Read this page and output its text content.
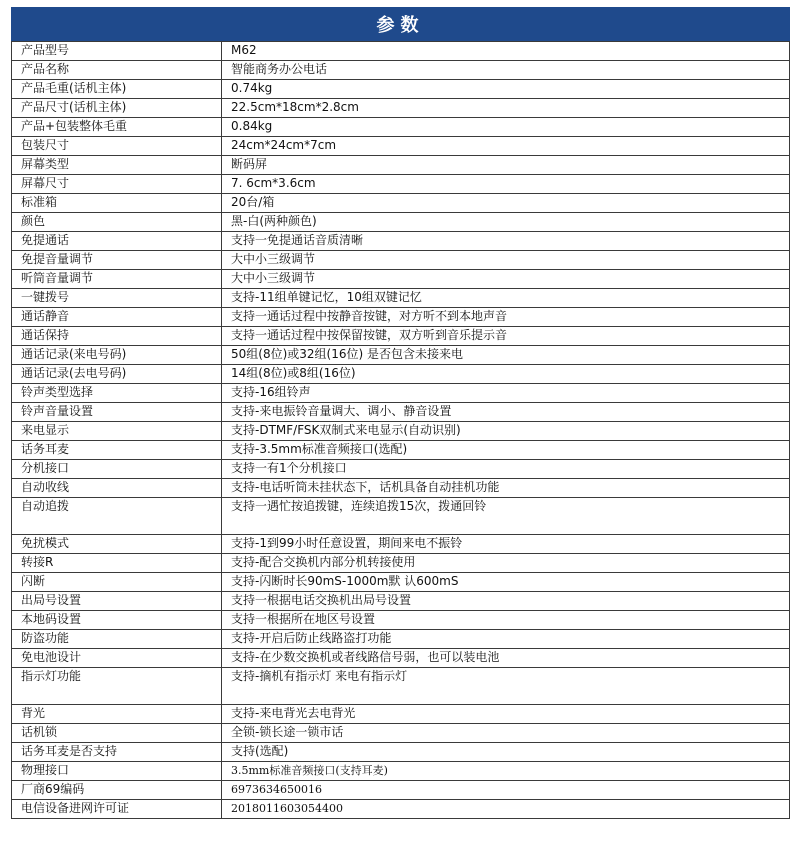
参数
产品型号	M62
产品名称	智能商务办公电话
产品毛重(话机主体)	0.74kg
产品尺寸(话机主体)	22.5cm*18cm*2.8cm
产品+包装整体毛重	0.84kg
包装尺寸	24cm*24cm*7cm
屏幕类型	断码屏
屏幕尺寸	7. 6cm*3.6cm
标准箱	20台/箱
颜色	黑-白(两种颜色)
免提通话	支持一免提通话音质清晰
免提音量调节	大中小三级调节
听筒音量调节	大中小三级调节
一键拨号	支持-11组单键记忆，10组双键记忆
通话静音	支持一通话过程中按静音按键，对方听不到本地声音
通话保持	支持一通话过程中按保留按键，双方听到音乐提示音
通话记录(来电号码)	50组(8位)或32组(16位) 是否包含未接来电
通话记录(去电号码)	14组(8位)或8组(16位)
铃声类型选择	支持-16组铃声
铃声音量设置	支持-来电振铃音量调大、调小、静音设置
来电显示	支持-DTMF/FSK双制式来电显示(自动识别)
话务耳麦	支持-3.5mm标准音频接口(选配)
分机接口	支持一有1个分机接口
自动收线	支持-电话听筒未挂状态下，话机具备自动挂机功能
自动追拨	支持一遇忙按追拨键，连续追拨15次，拨通回铃
免扰模式	支持-1到99小时任意设置，期间来电不振铃
转接R	支持-配合交换机内部分机转接使用
闪断	支持-闪断时长90mS-1000m默 认600mS
出局号设置	支持一根据电话交换机出局号设置
本地码设置	支持一根据所在地区号设置
防盗功能	支持-开启后防止线路盗打功能
免电池设计	支持-在少数交换机或者线路信号弱，也可以装电池
指示灯功能	支持-摘机有指示灯 来电有指示灯
背光	支持-来电背光去电背光
话机锁	全锁-锁长途一锁市话
话务耳麦是否支持	支持(选配)
物理接口	3.5mm标准音频接口(支持耳麦)
厂商69编码	6973634650016
电信设备进网许可证	2018011603054400
